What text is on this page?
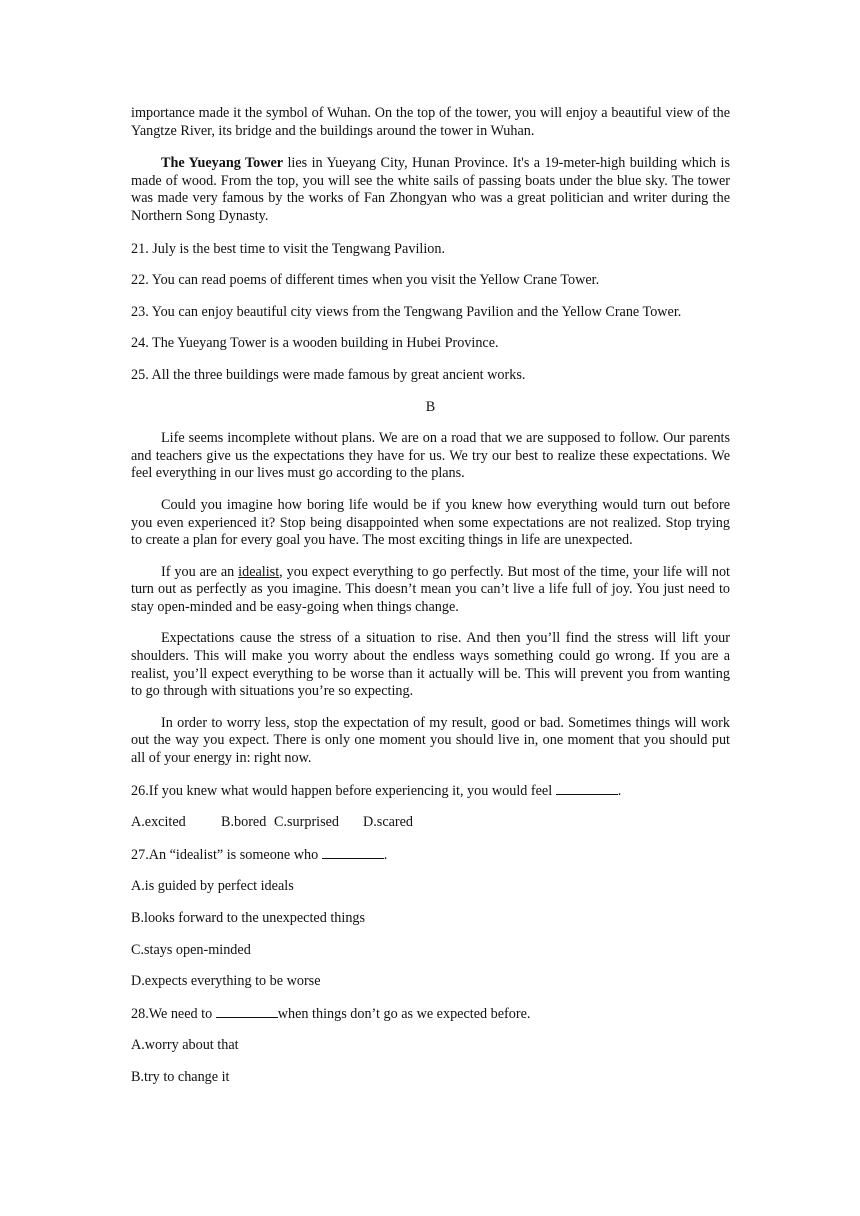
importance made it the symbol of Wuhan. On the top of the tower, you will enjoy a beautiful view of the Yangtze River, its bridge and the buildings around the tower in Wuhan.

The Yueyang Tower lies in Yueyang City, Hunan Province. It's a 19-meter-high building which is made of wood. From the top, you will see the white sails of passing boats under the blue sky. The tower was made very famous by the works of Fan Zhongyan who was a great politician and writer during the Northern Song Dynasty.

21. July is the best time to visit the Tengwang Pavilion.

22. You can read poems of different times when you visit the Yellow Crane Tower.

23. You can enjoy beautiful city views from the Tengwang Pavilion and the Yellow Crane Tower.

24. The Yueyang Tower is a wooden building in Hubei Province.

25. All the three buildings were made famous by great ancient works.

B

Life seems incomplete without plans. We are on a road that we are supposed to follow. Our parents and teachers give us the expectations they have for us. We try our best to realize these expectations. We feel everything in our lives must go according to the plans.

Could you imagine how boring life would be if you knew how everything would turn out before you even experienced it? Stop being disappointed when some expectations are not realized. Stop trying to create a plan for every goal you have. The most exciting things in life are unexpected.

If you are an idealist, you expect everything to go perfectly. But most of the time, your life will not turn out as perfectly as you imagine. This doesn’t mean you can’t live a life full of joy. You just need to stay open-minded and be easy-going when things change.

Expectations cause the stress of a situation to rise. And then you’ll find the stress will lift your shoulders. This will make you worry about the endless ways something could go wrong. If you are a realist, you’ll expect everything to be worse than it actually will be. This will prevent you from wanting to go through with situations you’re so expecting.

In order to worry less, stop the expectation of my result, good or bad. Sometimes things will work out the way you expect. There is only one moment you should live in, one moment that you should put all of your energy in: right now.

26.If you knew what would happen before experiencing it, you would feel	.

A.excited B.bored C.surprised D.scared

27.An “idealist” is someone who	.

A.is guided by perfect ideals

B.looks forward to the unexpected things

C.stays open-minded

D.expects everything to be worse

28.We need to	when things don’t go as we expected before.

A.worry about that

B.try to change it
